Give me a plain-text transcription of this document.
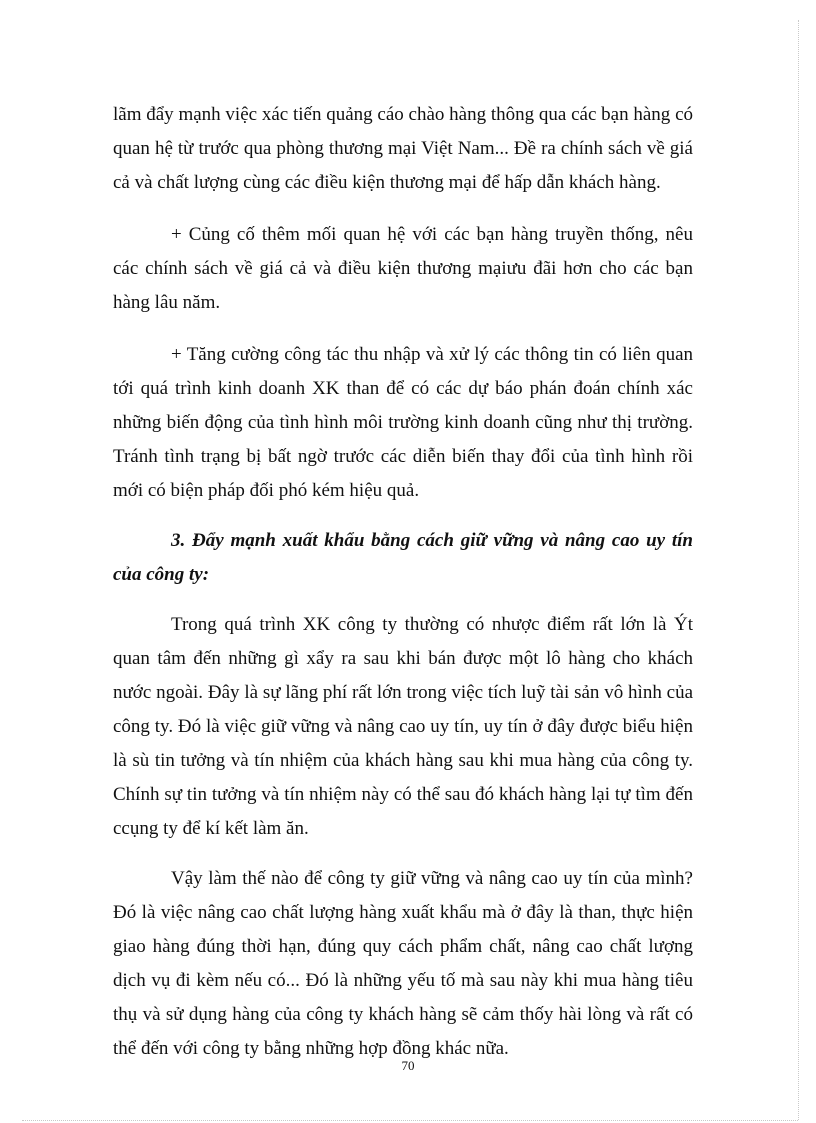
lãm đẩy mạnh việc xác tiến quảng cáo chào hàng thông qua các bạn hàng có quan hệ từ trước qua phòng thương mại Việt Nam... Đề ra chính sách về giá cả và chất lượng cùng các điều kiện thương mại để hấp dẫn khách hàng.

+ Củng cố thêm mối quan hệ với các bạn hàng truyền thống, nêu các chính sách về giá cả và điều kiện thương mạiưu đãi hơn cho các bạn hàng lâu năm.

+ Tăng cường công tác thu nhập và xử lý các thông tin có liên quan tới quá trình kinh doanh XK than để có các dự báo phán đoán chính xác những biến động của tình hình môi trường kinh doanh cũng như thị trường. Tránh tình trạng bị bất ngờ trước các diễn biến thay đổi của tình hình rồi mới có biện pháp đối phó kém hiệu quả.

3. Đẩy mạnh xuất khẩu bằng cách giữ vững và nâng cao uy tín của công ty:

Trong quá trình XK công ty thường có nhược điểm rất lớn là Ýt quan tâm đến những gì xẩy ra sau khi bán được một lô hàng cho khách nước ngoài. Đây là sự lãng phí rất lớn trong việc tích luỹ tài sản vô hình của công ty. Đó là việc giữ vững và nâng cao uy tín, uy tín ở đây được biểu hiện là sù tin tưởng và tín nhiệm của khách hàng sau khi mua hàng của công ty. Chính sự tin tưởng và tín nhiệm này có thể sau đó khách hàng lại tự tìm đến ccụng ty để kí kết làm ăn.

Vậy làm thế nào để công ty giữ vững và nâng cao uy tín của mình? Đó là việc nâng cao chất lượng hàng xuất khẩu mà ở đây là than, thực hiện giao hàng đúng thời hạn, đúng quy cách phẩm chất, nâng cao chất lượng dịch vụ đi kèm nếu có... Đó là những yếu tố mà sau này khi mua hàng tiêu thụ và sử dụng hàng của công ty khách hàng sẽ cảm thốy hài lòng và rất có thể đến với công ty bằng những hợp đồng khác nữa.

70
